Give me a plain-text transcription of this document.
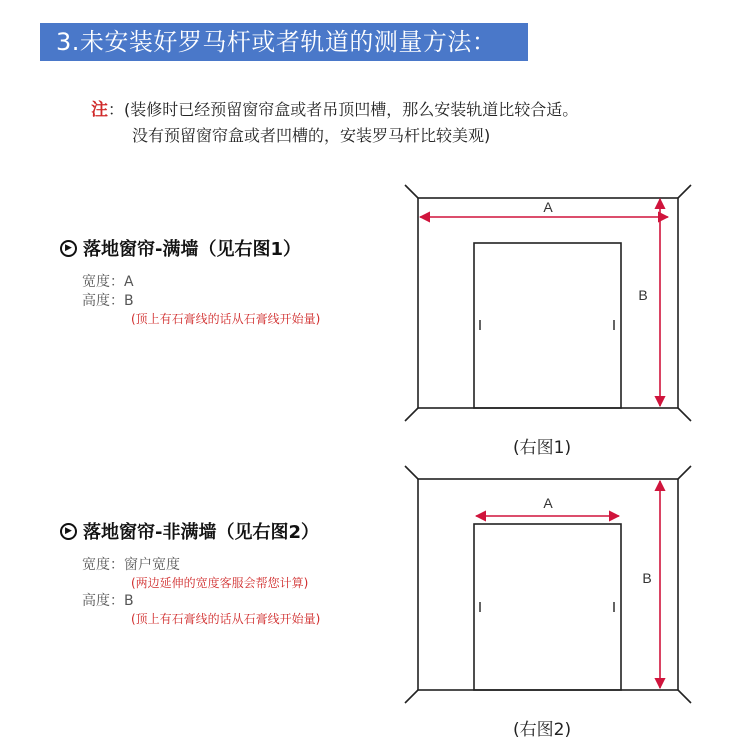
3.未安装好罗马杆或者轨道的测量方法：
注：(装修时已经预留窗帘盒或者吊顶凹槽，那么安装轨道比较合适。
没有预留窗帘盒或者凹槽的，安装罗马杆比较美观)
▶ 落地窗帘-满墙（见右图1）
宽度：A
高度：B
(顶上有石膏线的话从石膏线开始量)
▶ 落地窗帘-非满墙（见右图2）
宽度：窗户宽度
(两边延伸的宽度客服会帮您计算)
高度：B
(顶上有石膏线的话从石膏线开始量)
A
B
A
B
(右图1)
(右图2)
